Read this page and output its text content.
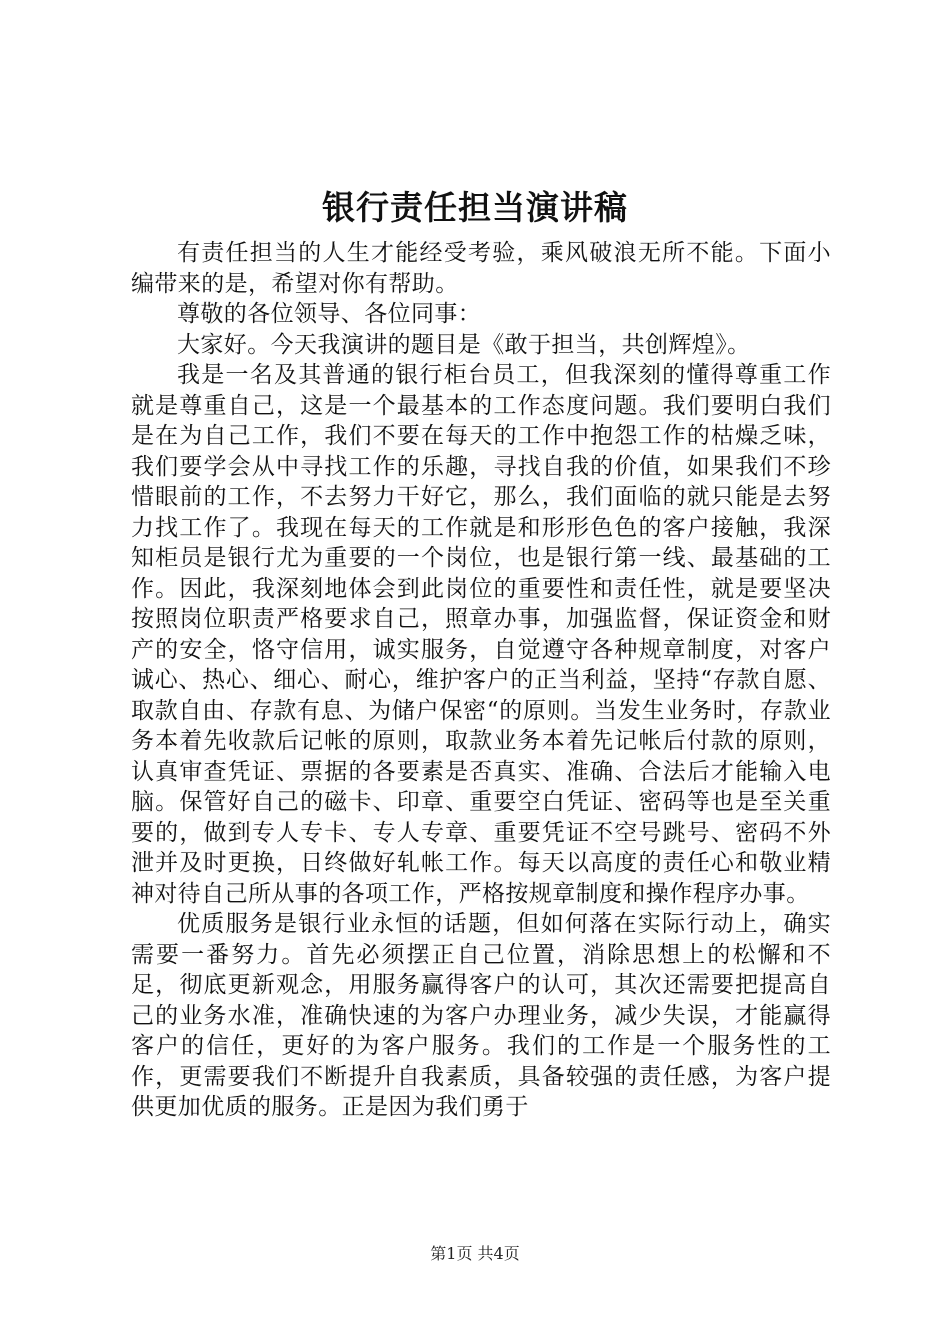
银行责任担当演讲稿

有责任担当的人生才能经受考验，乘风破浪无所不能。下面小编带来的是，希望对你有帮助。

尊敬的各位领导、各位同事：

大家好。今天我演讲的题目是《敢于担当，共创辉煌》。

我是一名及其普通的银行柜台员工，但我深刻的懂得尊重工作就是尊重自己，这是一个最基本的工作态度问题。我们要明白我们是在为自己工作，我们不要在每天的工作中抱怨工作的枯燥乏味，我们要学会从中寻找工作的乐趣，寻找自我的价值，如果我们不珍惜眼前的工作，不去努力干好它，那么，我们面临的就只能是去努力找工作了。我现在每天的工作就是和形形色色的客户接触，我深知柜员是银行尤为重要的一个岗位，也是银行第一线、最基础的工作。因此，我深刻地体会到此岗位的重要性和责任性，就是要坚决按照岗位职责严格要求自己，照章办事，加强监督，保证资金和财产的安全，恪守信用，诚实服务，自觉遵守各种规章制度，对客户诚心、热心、细心、耐心，维护客户的正当利益，坚持“存款自愿、取款自由、存款有息、为储户保密“的原则。当发生业务时，存款业务本着先收款后记帐的原则，取款业务本着先记帐后付款的原则，认真审查凭证、票据的各要素是否真实、准确、合法后才能输入电脑。保管好自己的磁卡、印章、重要空白凭证、密码等也是至关重要的，做到专人专卡、专人专章、重要凭证不空号跳号、密码不外泄并及时更换，日终做好轧帐工作。每天以高度的责任心和敬业精神对待自己所从事的各项工作，严格按规章制度和操作程序办事。

优质服务是银行业永恒的话题，但如何落在实际行动上，确实需要一番努力。首先必须摆正自己位置，消除思想上的松懈和不足，彻底更新观念，用服务赢得客户的认可，其次还需要把提高自己的业务水准，准确快速的为客户办理业务，减少失误，才能赢得客户的信任，更好的为客户服务。我们的工作是一个服务性的工作，更需要我们不断提升自我素质，具备较强的责任感，为客户提供更加优质的服务。正是因为我们勇于

第1页 共4页
